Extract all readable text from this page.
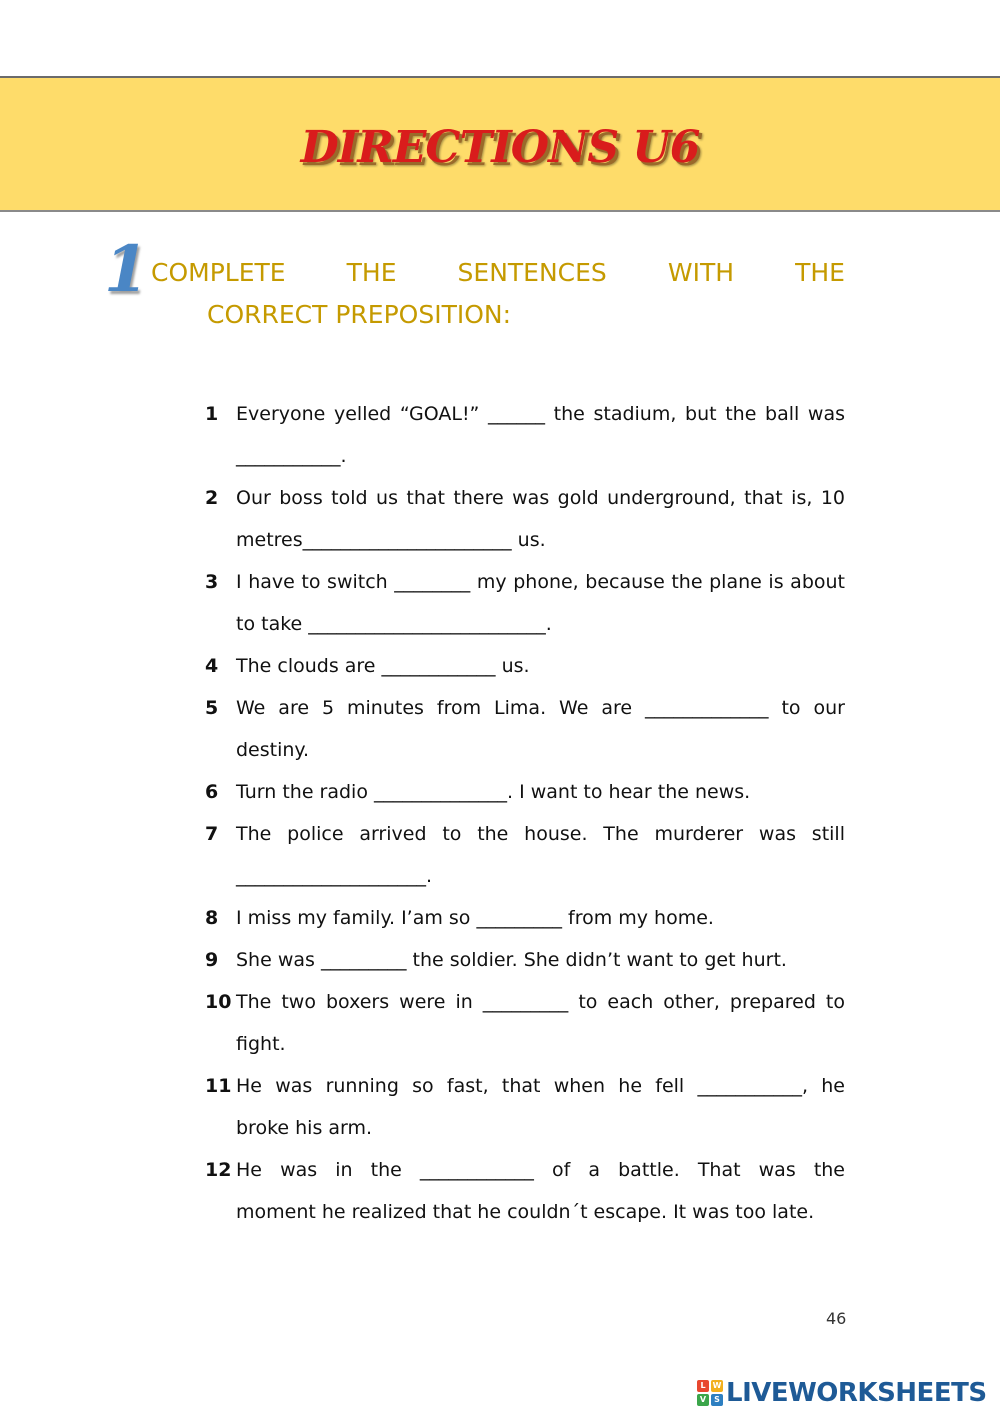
DIRECTIONS U6
1 COMPLETE THE SENTENCES WITH THE
CORRECT PREPOSITION:
1 Everyone yelled “GOAL!” ______ the stadium, but the ball was
___________.
2 Our boss told us that there was gold underground, that is, 10
metres______________________ us.
3 I have to switch ________ my phone, because the plane is about
to take _________________________.
4 The clouds are ____________ us.
5 We are 5 minutes from Lima. We are _____________ to our
destiny.
6 Turn the radio ______________. I want to hear the news.
7 The police arrived to the house. The murderer was still
____________________.
8 I miss my family. I’am so _________ from my home.
9 She was _________ the soldier. She didn’t want to get hurt.
10 The two boxers were in _________ to each other, prepared to
fight.
11 He was running so fast, that when he fell ___________, he
broke his arm.
12 He was in the ____________ of a battle. That was the
moment he realized that he couldn´t escape. It was too late.
46
L W
V	S LIVEWORKSHEETS
